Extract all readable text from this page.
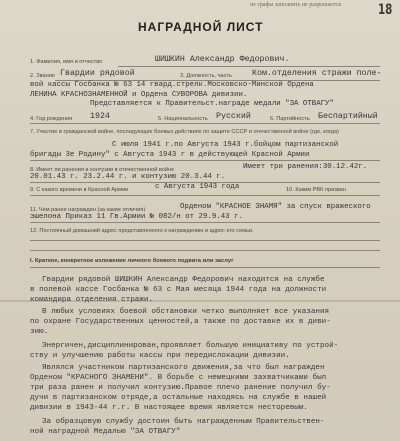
не графы заполнять не разрешается	18
НАГРАДНОЙ ЛИСТ
1. Фамилия, имя и отчество	ШИШКИН Александр Федорович.
2. Звание Гвардии рядовой	3. Должность, часть Ком.отделения стражи поле-
вой кассы Госбанка № 63 14 гвард.стрелк.Московско-Минской Ордена
ЛЕНИНА КРАСНОЗНАМЕННОЙ и Ордена СУВОРОВА дивизии.
Представляется к Правительст.награде медали "ЗА ОТВАГУ"
4. Год рождения 1924	5. Национальность Русский	6. Партийность Беспартийный
7. Участие в гражданской войне, последующих боевых действиях по защите СССР и отечественной войне (где, когда)
С июля 1941 г.по Августа 1943 г.бойцом партизанской
бригады 3е Родину" с Августа 1943 г в действующей Красной Армии
8. Имеет ли ранения и контузии в отечественной войне	Имеет три ранения:30.12.42г.
20.01.43 г. 23.2.44 г. и контузию 20.3.44 г.
9. С какого времени в Красной Армии	с Августа 1943 года	10. Каким РВК призван
11. Чем ранее награжден (за какие отличия)	Орденом "КРАСНОЕ ЗНАМЯ" за спуск вражеского
эшелона Приказ 11 Гв.Армии № 082/н от 29.9.43 г.
12. Постоянный домашний адрес представленного к награждению и адрес его семьи.
I. Краткое, конкретное изложение личного боевого подвига или заслуг
Гвардии рядовой ШИШКИН Александр Федорович находится на службе
в полевой кассе Госбанка № 63 с Мая месяца 1944 года на должности
командира отделения стражи.
В любых условиях боевой обстановки четко выполняет все указания
по охране Государственных ценностей,а также по доставке их в диви-
зию.
Энергичен,дисциплинирован,проявляет большую инициативу по устрой-
ству и улучшению работы кассы при передислокации дивизии.
Являлся участником партизанского движения,за что был награжден
Орденом "КРАСНОГО ЗНАМЕНИ". В борьбе с немецкими захватчиками был
три раза ранен и получил контузию.Правое плечо ранение получил бу-
дучи в партизанском отряде,а остальные находясь на службе в нашей
дивизии в 1943-44 г.г. В настоящее время является несторевым.
За образцовую службу достоин быть награжденным Правительствен-
ной наградной Медалью "ЗА ОТВАГУ"
